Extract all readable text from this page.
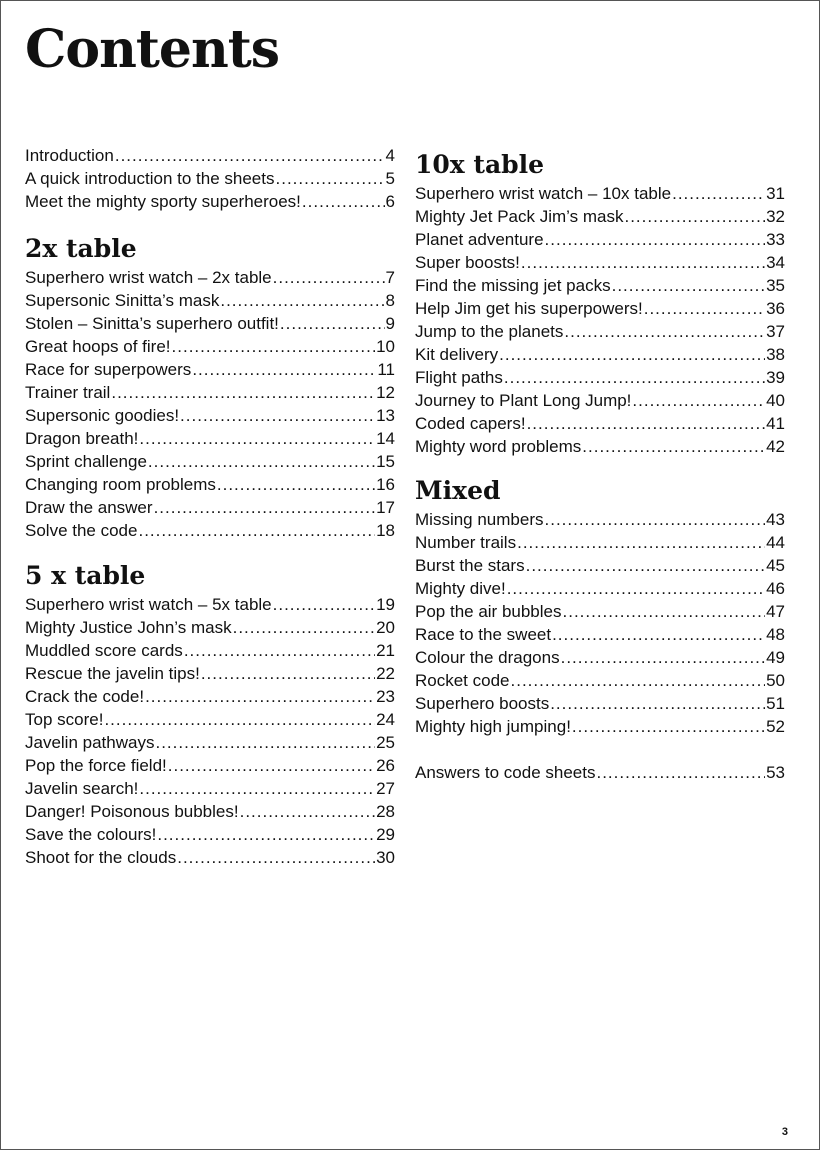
Contents
Introduction .....	4
A quick introduction to the sheets .....	5
Meet the mighty sporty superheroes! .....	6
2x table
Superhero wrist watch – 2x table .....	7
Supersonic Sinitta’s mask .....	8
Stolen – Sinitta’s superhero outfit! .....	9
Great hoops of fire! .....	10
Race for superpowers .....	11
Trainer trail .....	12
Supersonic goodies! .....	13
Dragon breath! .....	14
Sprint challenge .....	15
Changing room problems .....	16
Draw the answer .....	17
Solve the code .....	18
5 x table
Superhero wrist watch – 5x table .....	19
Mighty Justice John’s mask .....	20
Muddled score cards .....	21
Rescue the javelin tips! .....	22
Crack the code! .....	23
Top score! .....	24
Javelin pathways .....	25
Pop the force field! .....	26
Javelin search! .....	27
Danger! Poisonous bubbles! .....	28
Save the colours! .....	29
Shoot for the clouds .....	30
10x table
Superhero wrist watch – 10x table .....	31
Mighty Jet Pack Jim’s mask .....	32
Planet adventure .....	33
Super boosts! .....	34
Find the missing jet packs .....	35
Help Jim get his superpowers! .....	36
Jump to the planets .....	37
Kit delivery .....	38
Flight paths .....	39
Journey to Plant Long Jump! .....	40
Coded capers! .....	41
Mighty word problems .....	42
Mixed
Missing numbers .....	43
Number trails .....	44
Burst the stars .....	45
Mighty dive! .....	46
Pop the air bubbles .....	47
Race to the sweet .....	48
Colour the dragons .....	49
Rocket code .....	50
Superhero boosts .....	51
Mighty high jumping! .....	52
Answers to code sheets .....	53
3
